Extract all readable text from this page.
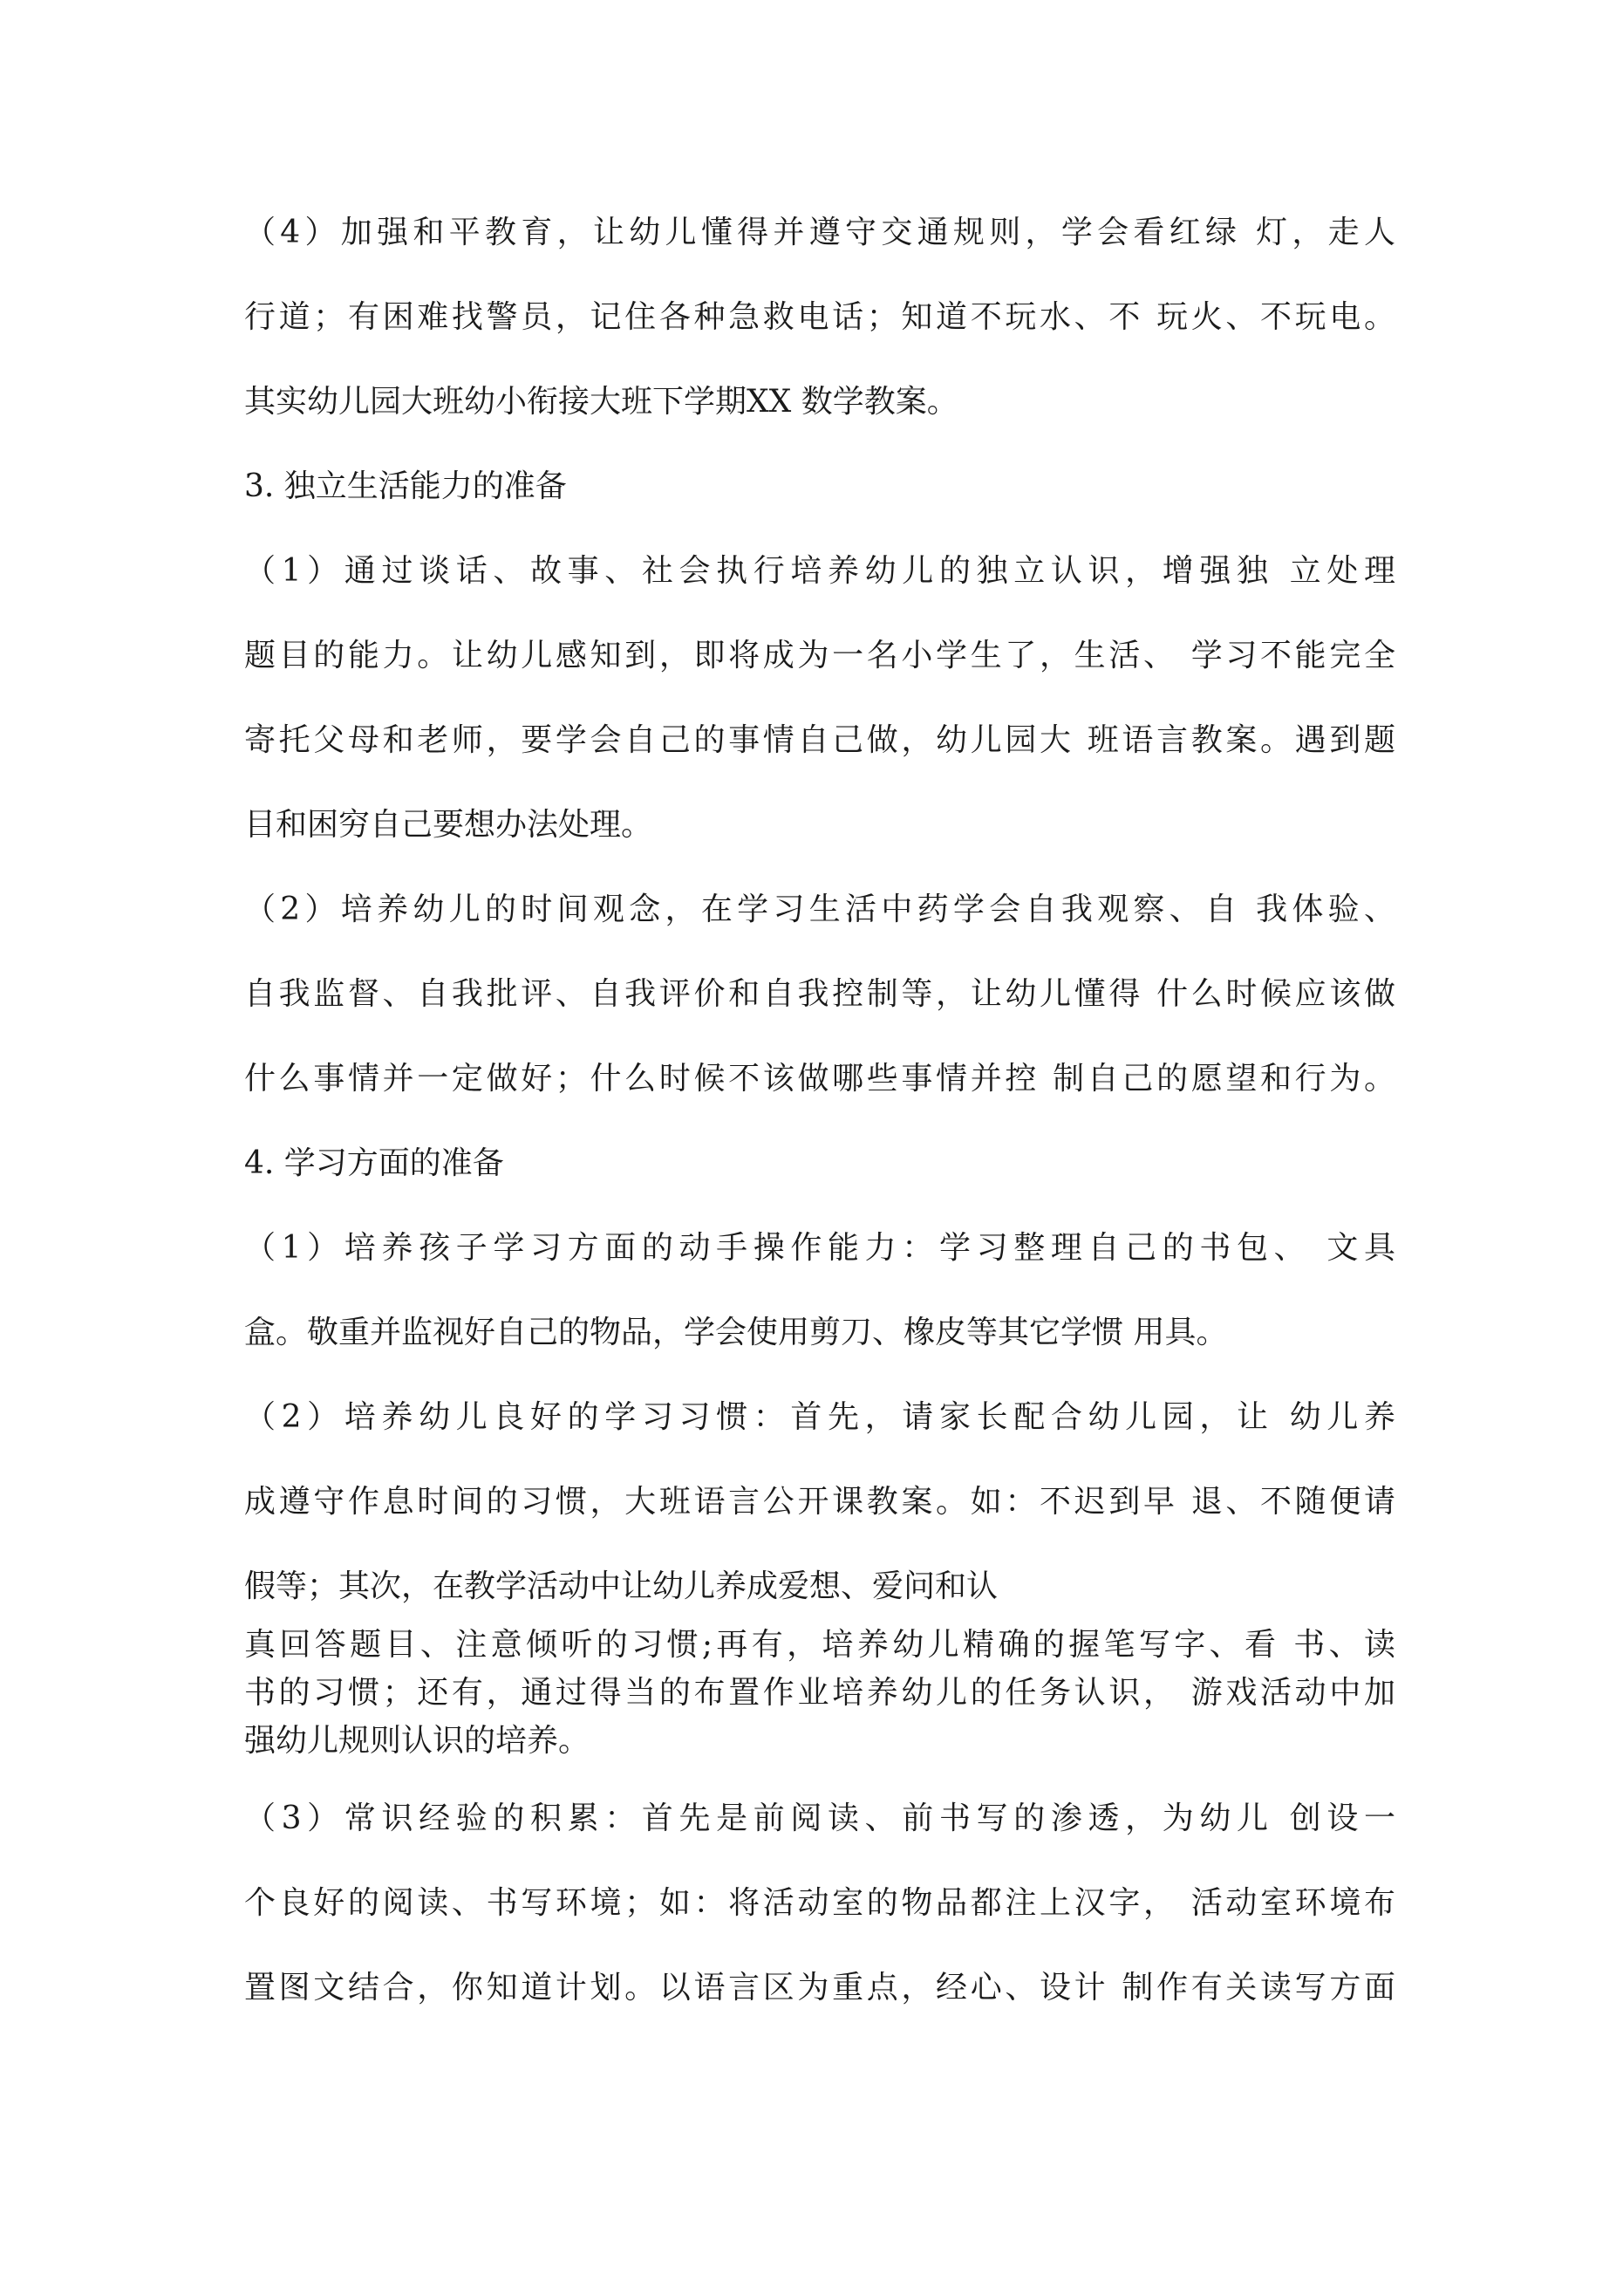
（4）加强和平教育，让幼儿懂得并遵守交通规则，学会看红绿 灯，走人
行道；有困难找警员，记住各种急救电话；知道不玩水、不 玩火、不玩电。
其实幼儿园大班幼小衔接大班下学期XX 数学教案。
3. 独立生活能力的准备
（1）通过谈话、故事、社会执行培养幼儿的独立认识，增强独 立处理
题目的能力。让幼儿感知到，即将成为一名小学生了，生活、 学习不能完全
寄托父母和老师，要学会自己的事情自己做，幼儿园大 班语言教案。遇到题
目和困穷自己要想办法处理。
（2）培养幼儿的时间观念，在学习生活中药学会自我观察、自 我体验、
自我监督、自我批评、自我评价和自我控制等，让幼儿懂得 什么时候应该做
什么事情并一定做好；什么时候不该做哪些事情并控 制自己的愿望和行为。
4. 学习方面的准备
（1）培养孩子学习方面的动手操作能力：学习整理自己的书包、 文具
盒。敬重并监视好自己的物品，学会使用剪刀、橡皮等其它学惯 用具。
（2）培养幼儿良好的学习习惯：首先，请家长配合幼儿园，让 幼儿养
成遵守作息时间的习惯，大班语言公开课教案。如：不迟到早 退、不随便请
假等；其次，在教学活动中让幼儿养成爱想、爱问和认
真回答题目、注意倾听的习惯;再有，培养幼儿精确的握笔写字、看 书、读
书的习惯；还有，通过得当的布置作业培养幼儿的任务认识， 游戏活动中加
强幼儿规则认识的培养。
（3）常识经验的积累：首先是前阅读、前书写的渗透，为幼儿 创设一
个良好的阅读、书写环境；如：将活动室的物品都注上汉字， 活动室环境布
置图文结合，你知道计划。以语言区为重点，经心、设计 制作有关读写方面
